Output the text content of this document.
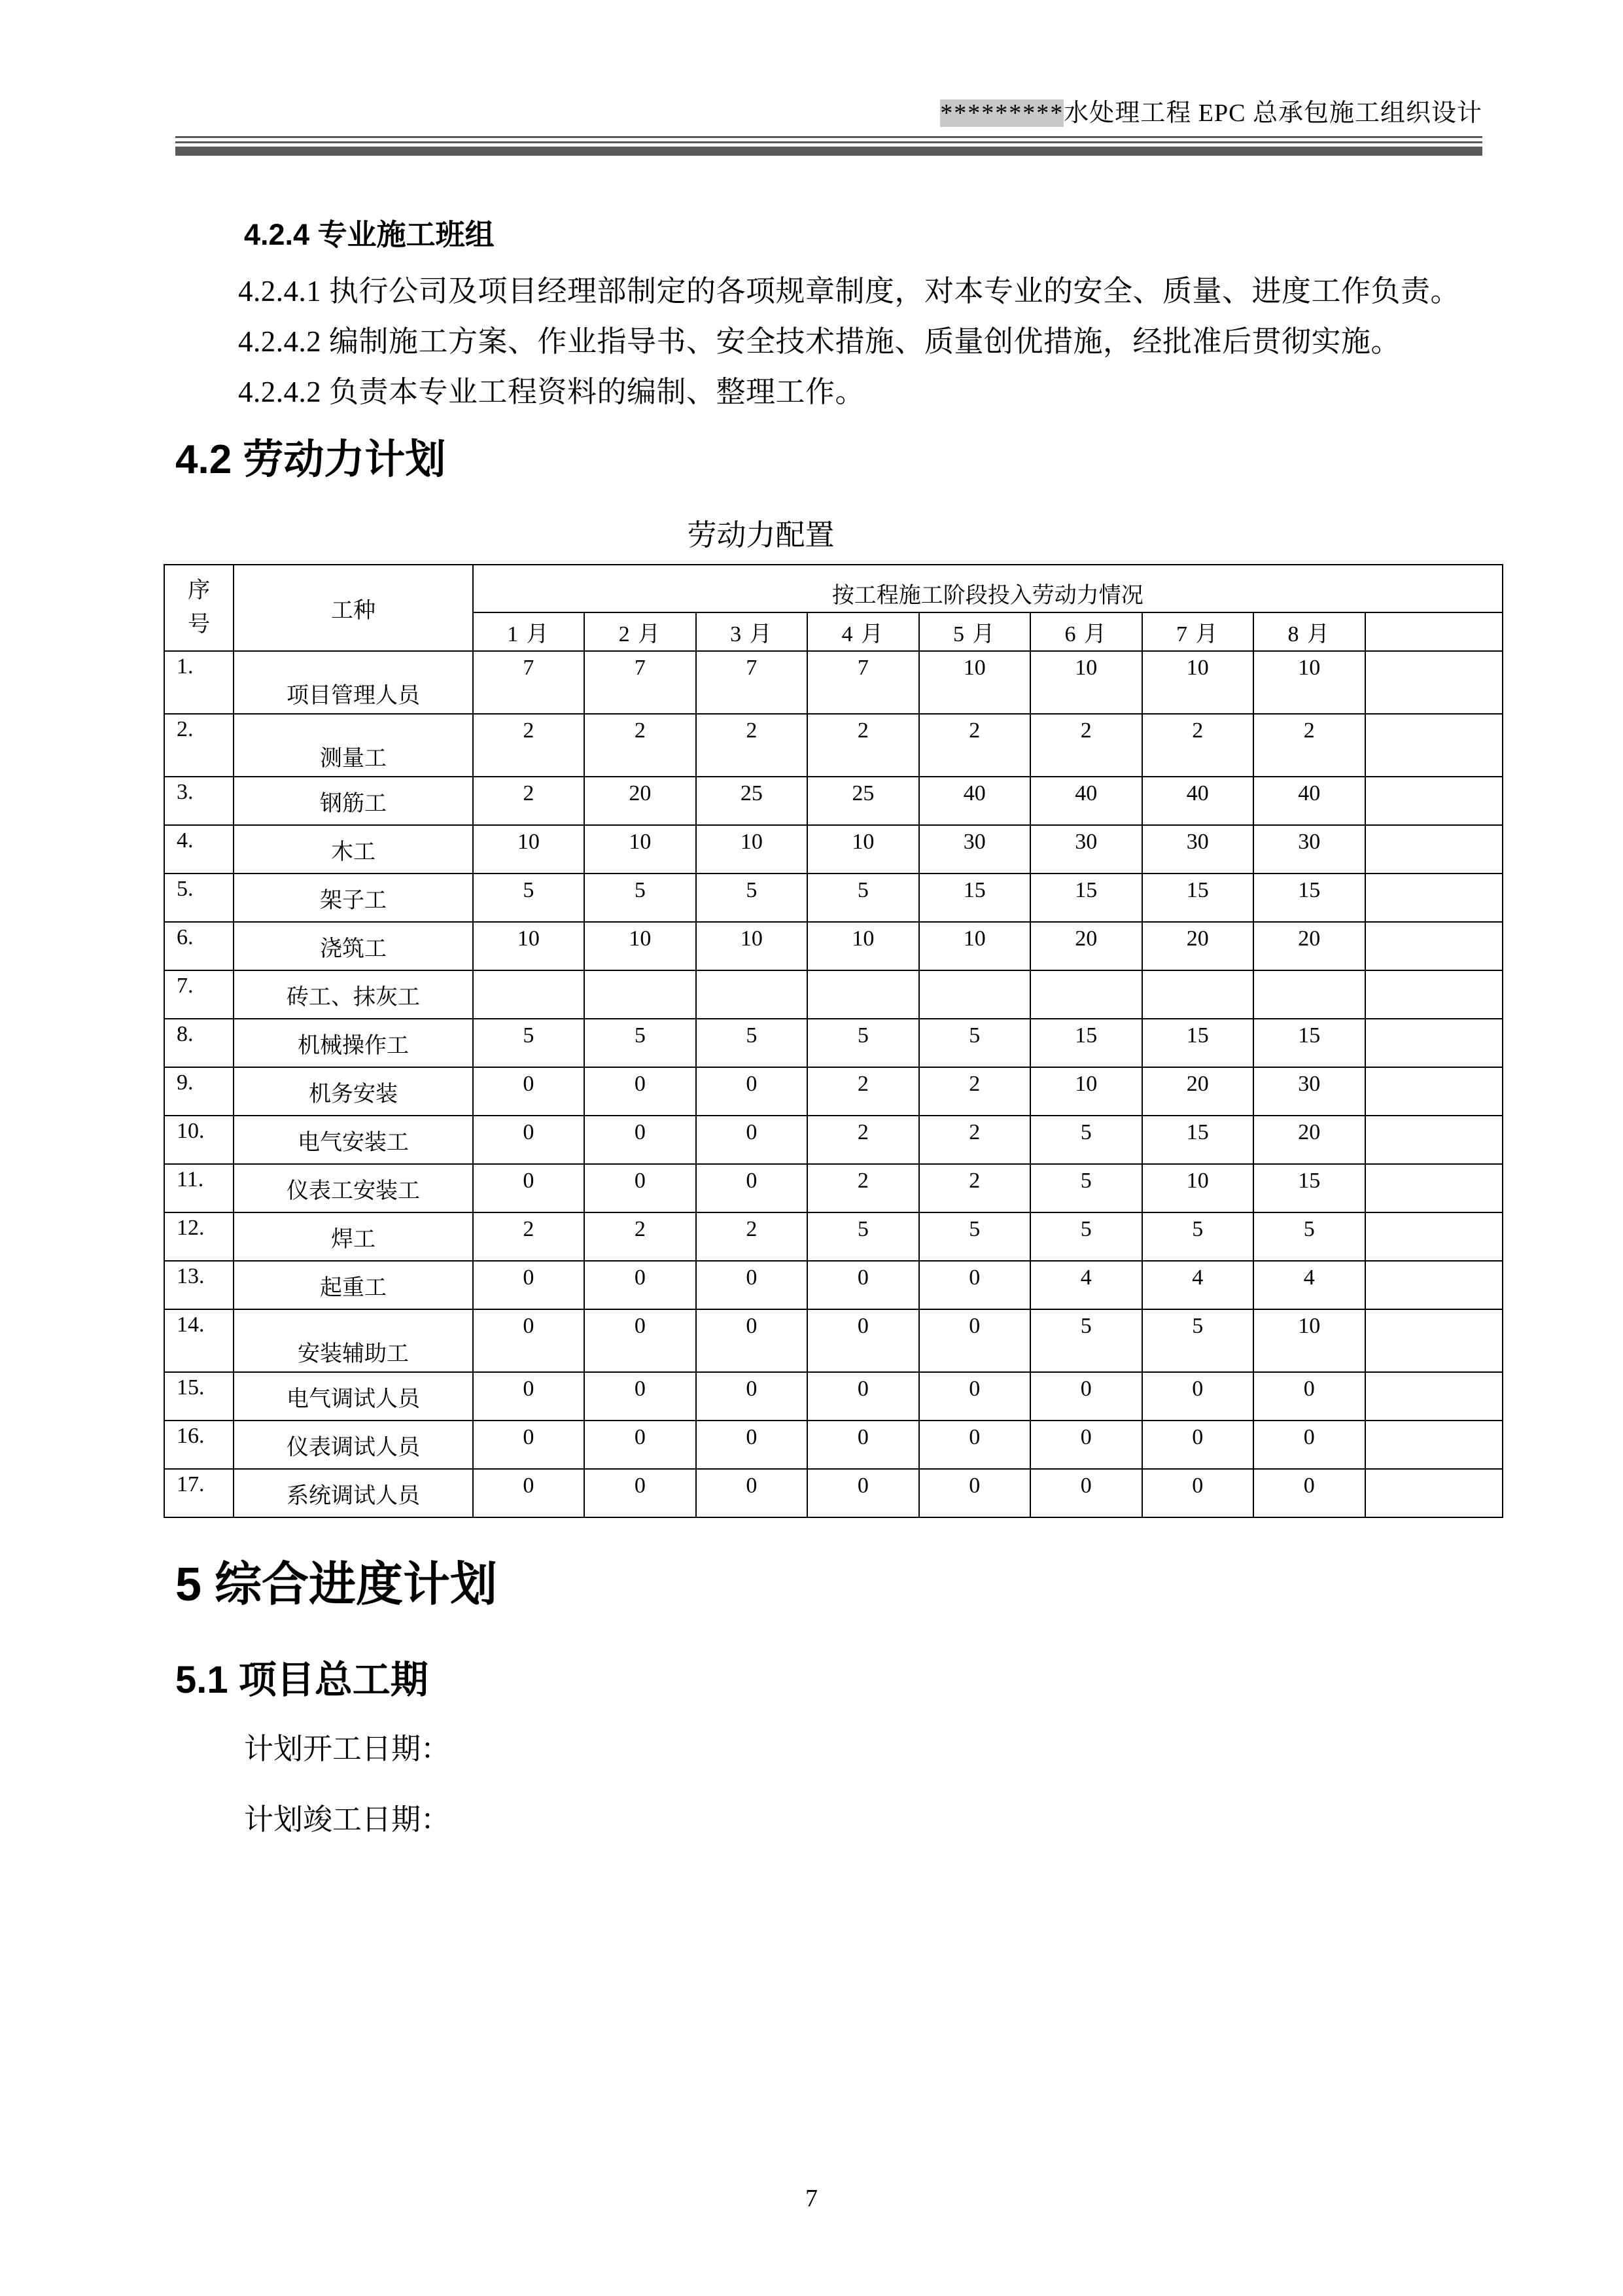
*********水处理工程 EPC 总承包施工组织设计
4.2.4 专业施工班组

4.2.4.1 执行公司及项目经理部制定的各项规章制度，对本专业的安全、质量、进度工作负责。

4.2.4.2 编制施工方案、作业指导书、安全技术措施、质量创优措施，经批准后贯彻实施。

4.2.4.2 负责本专业工程资料的编制、整理工作。

4.2 劳动力计划
劳动力配置
序
号	工种	按工程施工阶段投入劳动力情况								
		1 月	2 月	3 月	4 月	5 月	6 月	7 月	8 月	
1.	项目管理人员	7	7	7	7	10	10	10	10	
2.	测量工	2	2	2	2	2	2	2	2	
3.	钢筋工	2	20	25	25	40	40	40	40	
4.	木工	10	10	10	10	30	30	30	30	
5.	架子工	5	5	5	5	15	15	15	15	
6.	浇筑工	10	10	10	10	10	20	20	20	
7.	砖工、抹灰工									
8.	机械操作工	5	5	5	5	5	15	15	15	
9.	机务安装	0	0	0	2	2	10	20	30	
10.	电气安装工	0	0	0	2	2	5	15	20	
11.	仪表工安装工	0	0	0	2	2	5	10	15	
12.	焊工	2	2	2	5	5	5	5	5	
13.	起重工	0	0	0	0	0	4	4	4	
14.	安装辅助工	0	0	0	0	0	5	5	10	
15.	电气调试人员	0	0	0	0	0	0	0	0	
16.	仪表调试人员	0	0	0	0	0	0	0	0	
17.	系统调试人员	0	0	0	0	0	0	0	0	
5 综合进度计划
5.1 项目总工期

计划开工日期：

计划竣工日期：

7
